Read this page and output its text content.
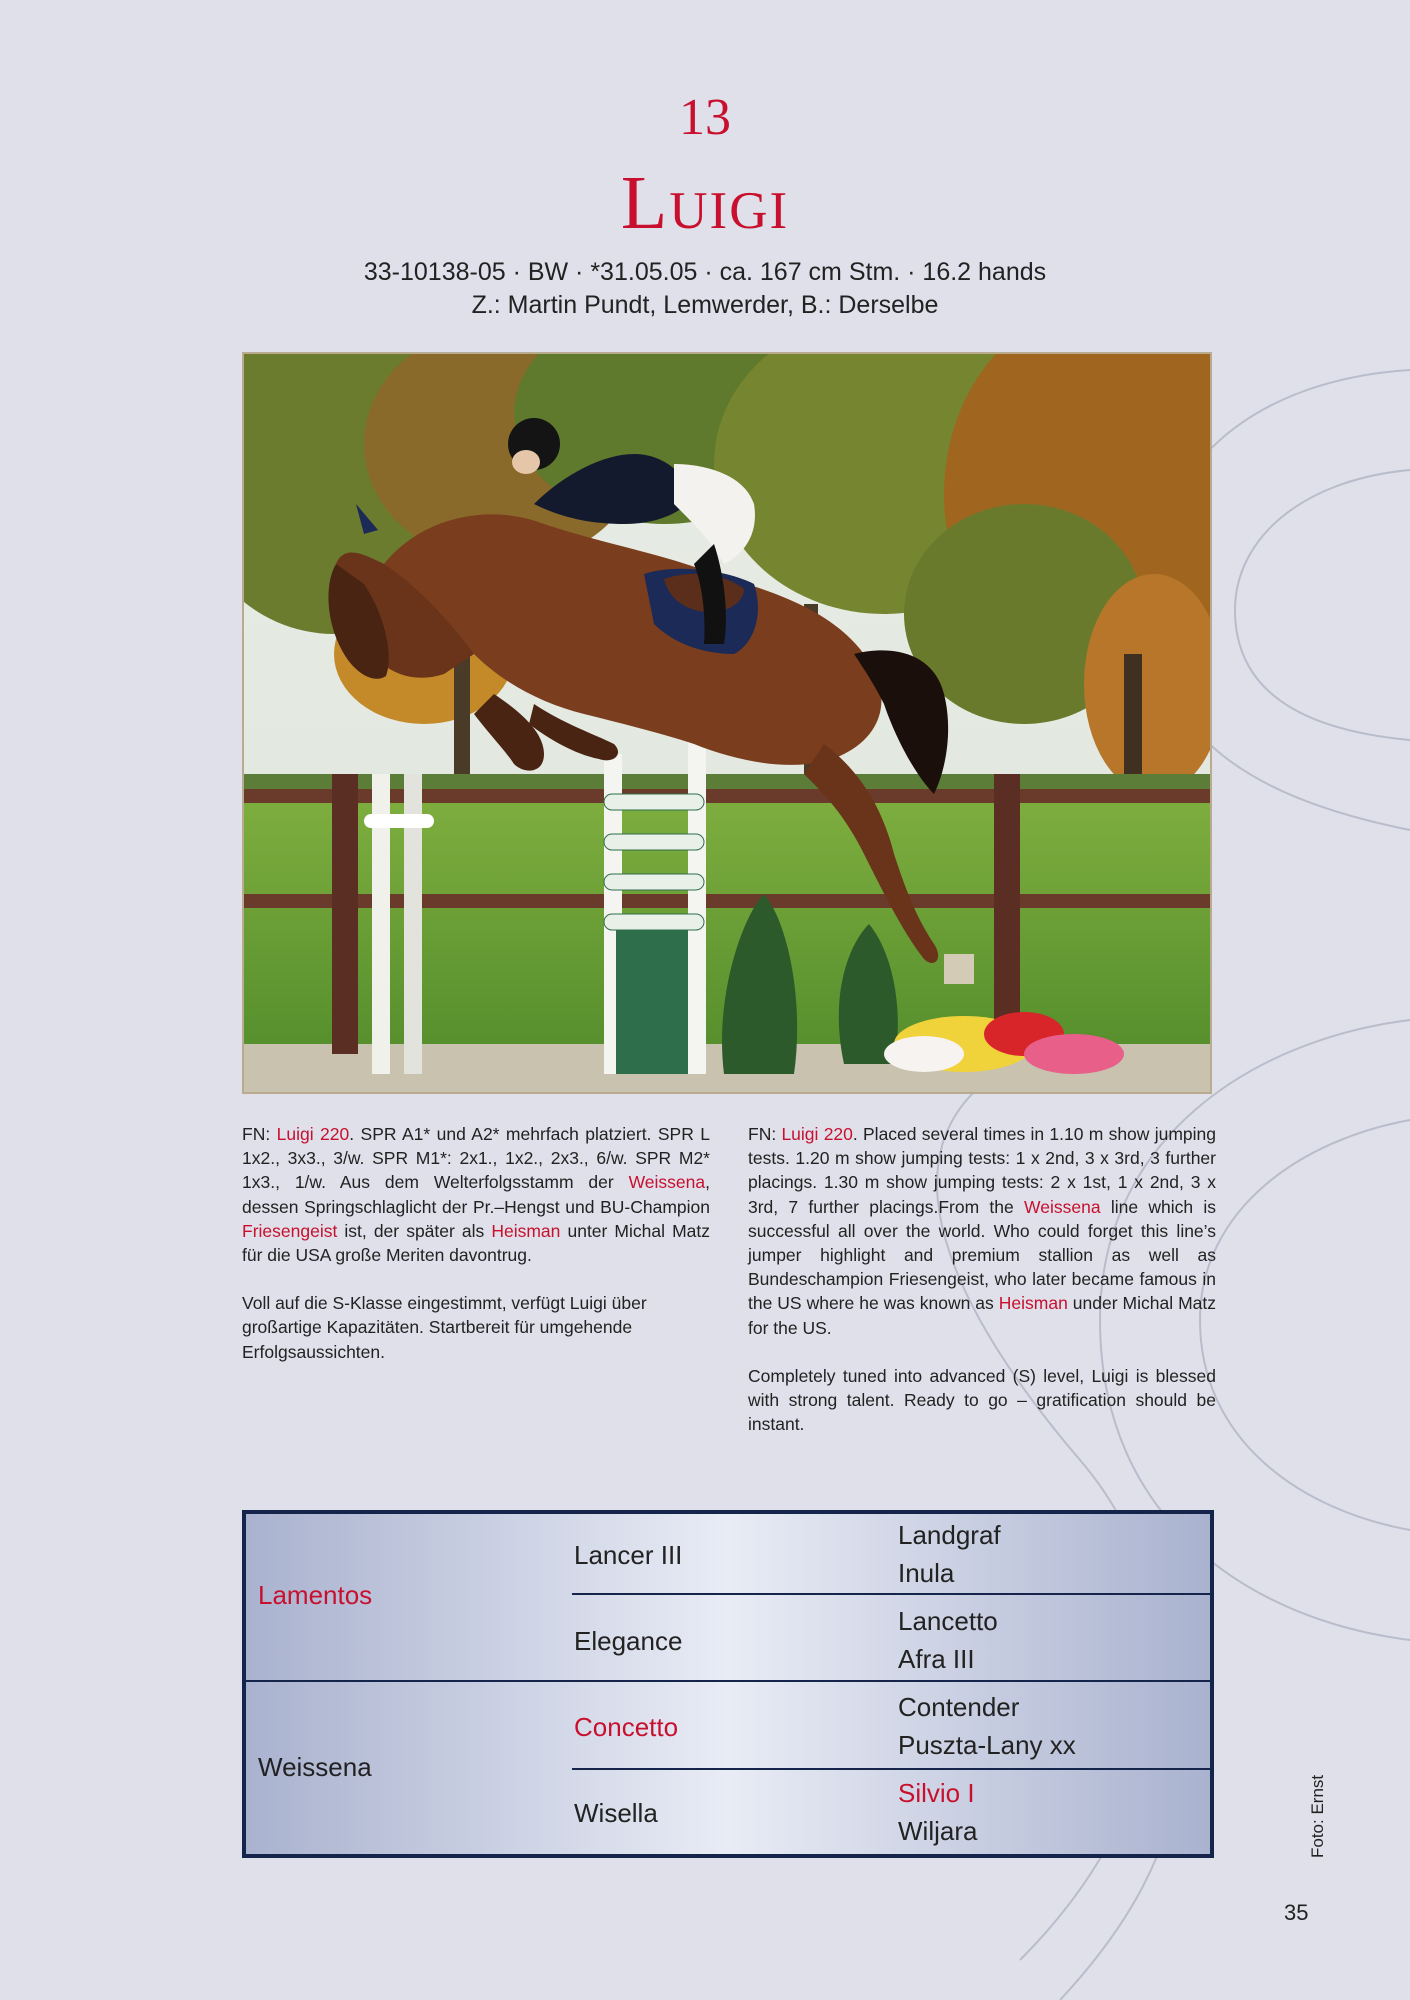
13
Luigi
33-10138-05 · BW · *31.05.05 · ca. 167 cm Stm. · 16.2 hands
Z.: Martin Pundt, Lemwerder, B.: Derselbe

FN: Luigi 220. SPR A1* und A2* mehrfach platziert. SPR L 1x2., 3x3., 3/w. SPR M1*: 2x1., 1x2., 2x3., 6/w. SPR M2* 1x3., 1/w. Aus dem Welterfolgsstamm der Weissena, dessen Springschlaglicht der Pr.–Hengst und BU-Champion Friesengeist ist, der später als Heisman unter Michal Matz für die USA große Meriten davontrug.

Voll auf die S-Klasse eingestimmt, verfügt Luigi über großartige Kapazitäten. Startbereit für umgehende Erfolgsaussichten.

FN: Luigi 220. Placed several times in 1.10 m show jumping tests. 1.20 m show jumping tests: 1 x 2nd, 3 x 3rd, 3 further placings. 1.30 m show jumping tests: 2 x 1st, 1 x 2nd, 3 x 3rd, 7 further placings.From the Weissena line which is successful all over the world. Who could forget this line’s jumper highlight and premium stallion as well as Bundeschampion Friesengeist, who later became famous in the US where he was known as Heisman under Michal Matz for the US.

Completely tuned into advanced (S) level, Luigi is blessed with strong talent. Ready to go – gratification should be instant.

Lamentos
Weissena
Lancer III
Elegance
Concetto
Wisella
Landgraf
Inula
Lancetto
Afra III
Contender
Puszta-Lany xx
Silvio I
Wiljara	Foto: Ernst
35
